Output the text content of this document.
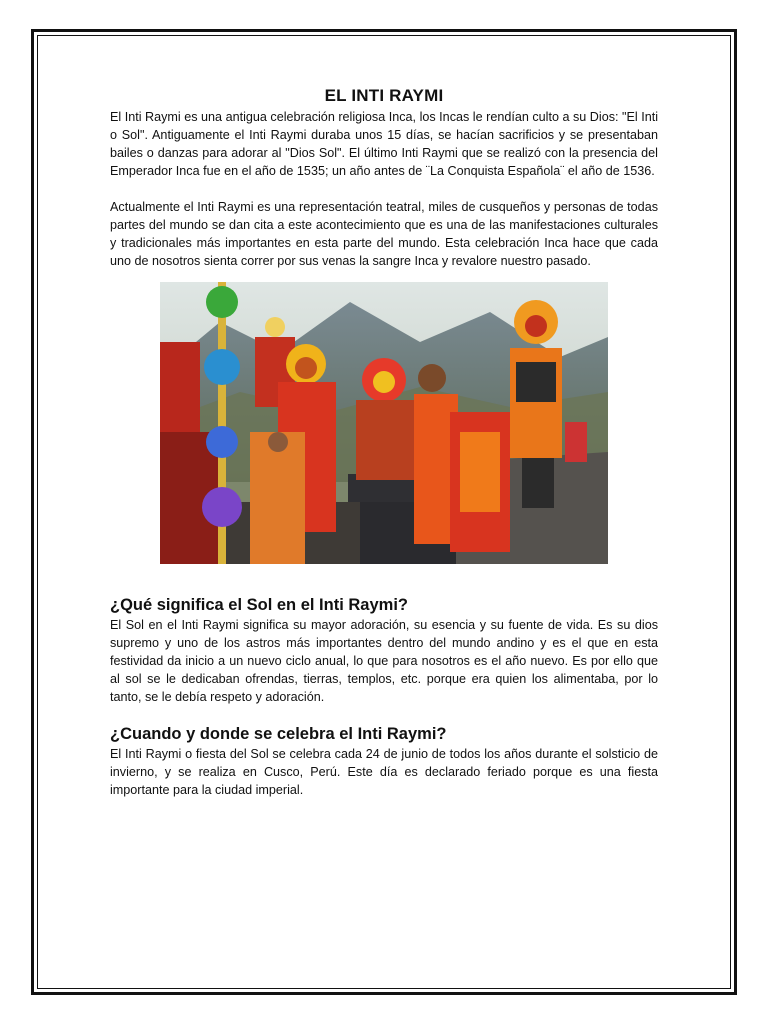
EL INTI RAYMI

El Inti Raymi es una antigua celebración religiosa Inca, los Incas le rendían culto a su Dios: "El Inti o Sol". Antiguamente el Inti Raymi duraba unos 15 días, se hacían sacrificios y se presentaban bailes o danzas para adorar al "Dios Sol". El último Inti Raymi que se realizó con la presencia del Emperador Inca fue en el año de 1535; un año antes de ¨La Conquista Española¨ el año de 1536.

Actualmente el Inti Raymi es una representación teatral, miles de cusqueños y personas de todas partes del mundo se dan cita a este acontecimiento que es una de las manifestaciones culturales y tradicionales más importantes en esta parte del mundo. Esta celebración Inca hace que cada uno de nosotros sienta correr por sus venas la sangre Inca y revalore nuestro pasado.

¿Qué significa el Sol en el Inti Raymi?

El Sol en el Inti Raymi significa su mayor adoración, su esencia y su fuente de vida. Es su dios supremo y uno de los astros más importantes dentro del mundo andino y es el que en esta festividad da inicio a un nuevo ciclo anual, lo que para nosotros es el año nuevo. Es por ello que al sol se le dedicaban ofrendas, tierras, templos, etc. porque era quien los alimentaba, por lo tanto, se le debía respeto y adoración.

¿Cuando y donde se celebra el Inti Raymi?

El Inti Raymi o fiesta del Sol se celebra cada 24 de junio de todos los años durante el solsticio de invierno, y se realiza en Cusco, Perú. Este día es declarado feriado porque es una fiesta importante para la ciudad imperial.
